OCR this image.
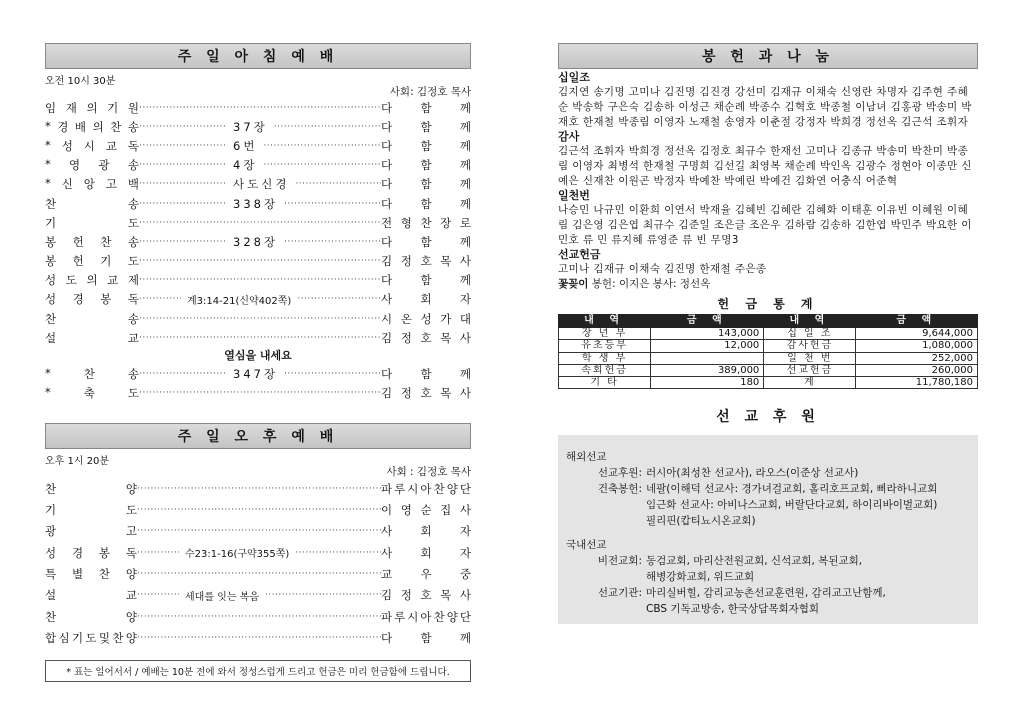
주 일 아 침 예 배
오전 10시 30분
사회: 김정호 목사
임 재 의 기 원 ·····	다 함 께
* 경 배 의 찬 송 ·····	37장 ·····	다 함 께
* 성 시 교 독 ·····	6번 ·····	다 함 께
* 영 광 송 ·····	4장 ·····	다 함 께
* 신 앙 고 백 ·····	사도신경 ·····	다 함 께
찬	송 ·····	338장 ·····	다 함 께
기	도 ·····	전 형 찬 장 로
봉 헌 찬 송 ·····	328장 ·····	다 함 께
봉 헌 기 도 ·····	김 정 호 목 사
성 도 의 교 제 ·····	다 함 께
성 경 봉 독 ·····	계3:14-21(신약402쪽) ·····	사 회 자
찬	송 ·····	시 온 성 가 대
설	교 ·····	김 정 호 목 사
열심을 내세요
*	찬	송 ·····	347장 ·····	다 함 께
*	축	도 ·····	김 정 호 목 사
주 일 오 후 예 배
오후 1시 20분
사회 : 김정호 목사
찬	양 ·····	파 루 시 아 찬 양 단
기	도 ·····	이 영 순 집 사
광	고 ·····	사 회 자
성 경 봉 독 ·····	수23:1-16(구약355쪽) ·····	사 회 자
특 별 찬 양 ·····	교 우 중
설	교 ·····	세대를 잇는 복음 ·····	김 정 호 목 사
찬	양 ·····	파 루 시 아 찬 양 단
합 심 기 도 및 찬 양 ·····	다 함 께
* 표는 일어서서 / 예배는 10분 전에 와서 정성스럽게 드리고 헌금은 미리 헌금함에 드립니다.
봉 헌 과 나 눔
십일조
김지연 송기명 고미나 김진명 김진경 강선미 김재규 이채숙 신영란 차명자 김주현 주혜순 박송학 구은숙 김송하 이성근 채순례 박종수 김혁호 박종철 이남녀 김홍광 박송미 박재호 한재철 박종림 이영자 노재철 송영자 이춘절 강정자 박희경 정선옥 김근석 조휘자
감사
김근석 조휘자 박희경 정선옥 김정호 최규수 한재선 고미나 김종규 박송미 박찬미 박종림 이영자 최병석 한재철 구명희 김선길 최영복 채순례 박인옥 김광수 정현아 이종만 신예은 신재찬 이원곤 박정자 박예찬 박예린 박예건 김화연 어충식 어준혁
일천번
나승민 나규민 이환희 이연서 박재율 김혜빈 김혜란 김혜화 이태훈 이유빈 이혜원 이혜림 김은영 김은엽 최규수 김준일 조은글 조은우 김하람 김송하 김한엽 박민주 박요한 이민호 류 민 류지혜 류영준 류 빈 무명3
선교헌금
고미나 김재규 이채숙 김진명 한재철 주은종
꽃꽂이 봉헌: 이지은 봉사: 정선옥
헌 금 통 계
내 역	금 액	내 역	금 액
장 년 부	143,000	십 일 조	9,644,000
유초등부	12,000	감사헌금	1,080,000
학 생 부		일 천 번	252,000
속회헌금	389,000	선교헌금	260,000
기 타	180	계	11,780,180
선 교 후 원
해외선교
선교후원: 러시아(최성찬 선교사), 라오스(이준상 선교사)
건축봉헌: 네팔(이해덕 선교사: 경가녀걸교회, 홀리호프교회, 삐라하니교회
임근화 선교사: 아비나스교회, 버랄단다교회, 하이리바이벌교회)
필리핀(캅티뇨시온교회)
국내선교
비전교회: 동검교회, 마리산전원교회, 신석교회, 복된교회,
해병강화교회, 위드교회
선교기관: 마리실버힐, 감리교농촌선교훈련원, 감리교고난함께,
CBS 기독교방송, 한국상담목회자협회
